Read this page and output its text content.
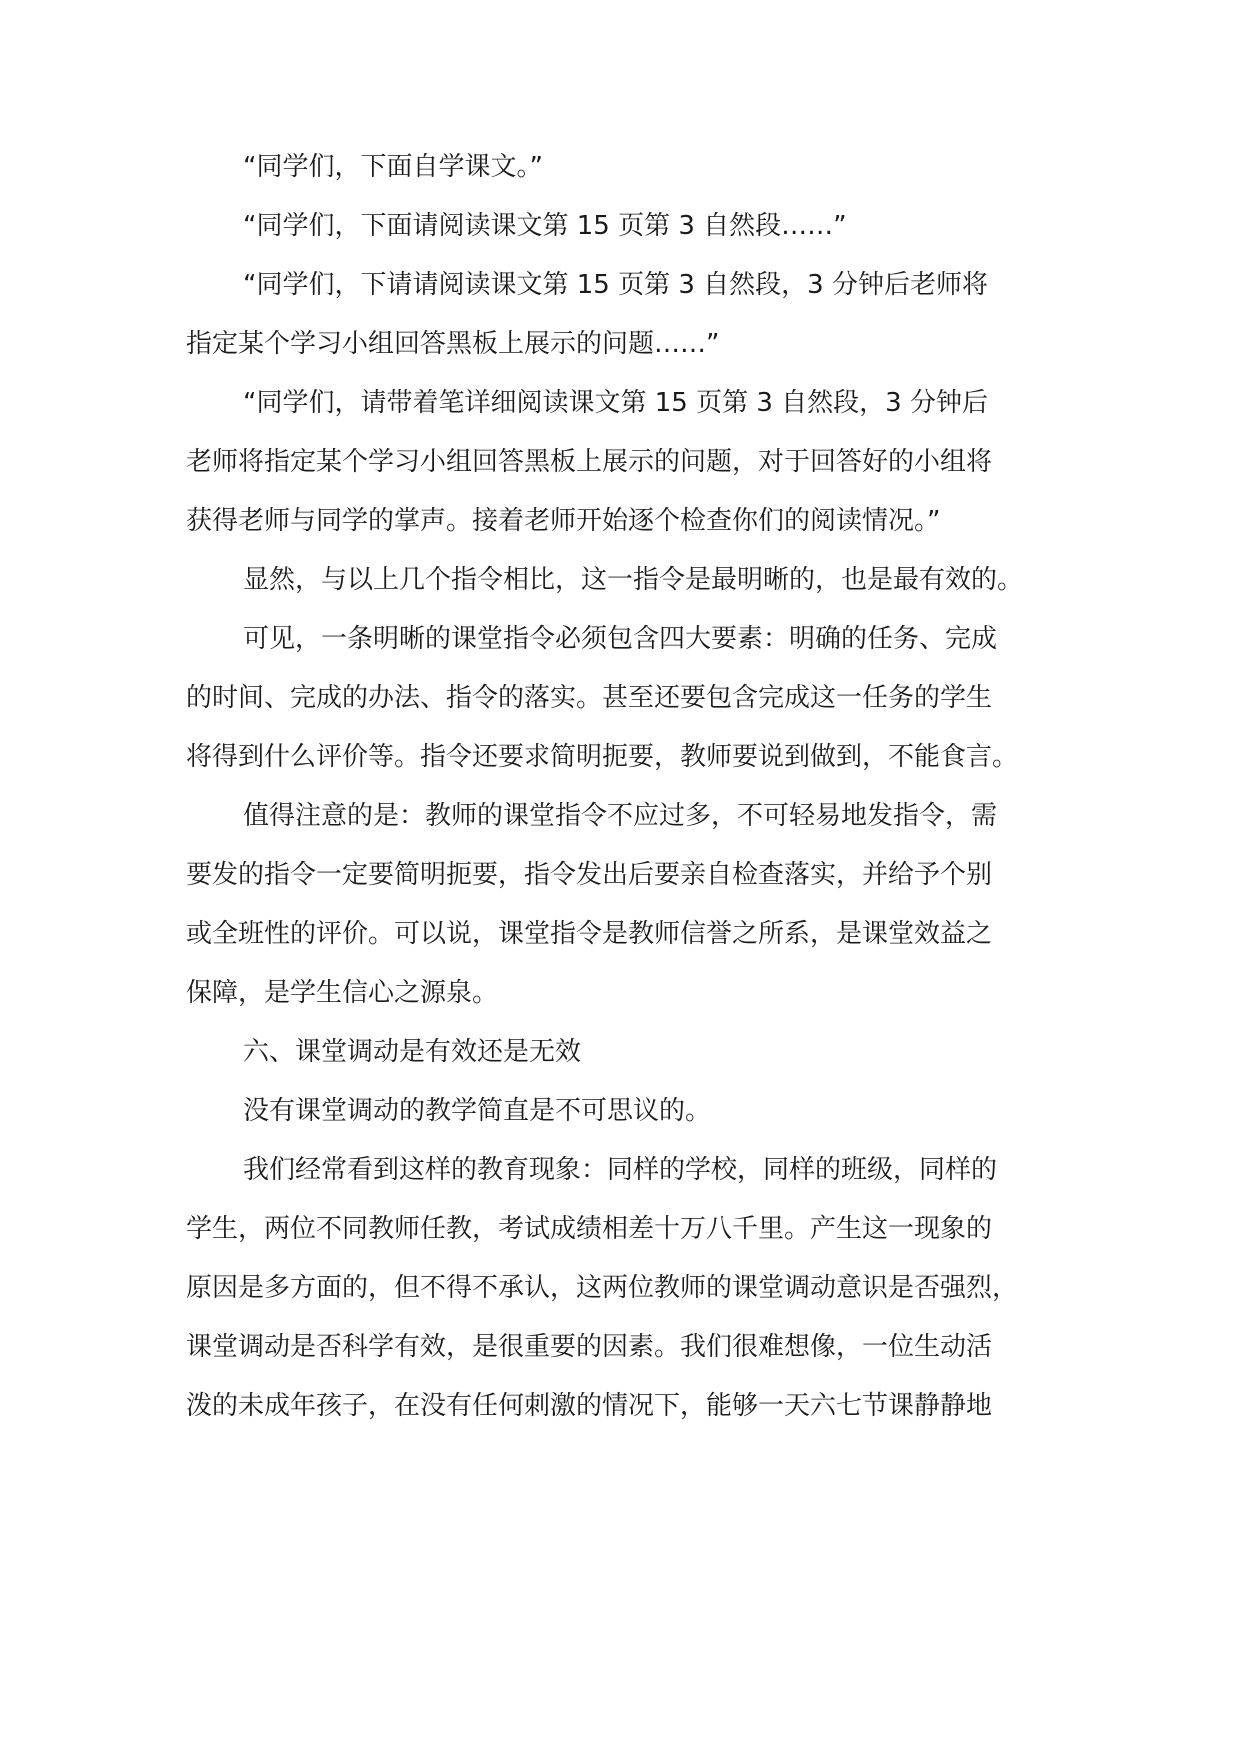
“同学们，下面自学课文。”
“同学们，下面请阅读课文第 15 页第 3 自然段……”
“同学们，下请请阅读课文第 15 页第 3 自然段，3 分钟后老师将
指定某个学习小组回答黑板上展示的问题……”
“同学们，请带着笔详细阅读课文第 15 页第 3 自然段，3 分钟后
老师将指定某个学习小组回答黑板上展示的问题，对于回答好的小组将
获得老师与同学的掌声。接着老师开始逐个检查你们的阅读情况。”
显然，与以上几个指令相比，这一指令是最明晰的，也是最有效的。
可见，一条明晰的课堂指令必须包含四大要素：明确的任务、完成
的时间、完成的办法、指令的落实。甚至还要包含完成这一任务的学生
将得到什么评价等。指令还要求简明扼要，教师要说到做到，不能食言。
值得注意的是：教师的课堂指令不应过多，不可轻易地发指令，需
要发的指令一定要简明扼要，指令发出后要亲自检查落实，并给予个别
或全班性的评价。可以说，课堂指令是教师信誉之所系，是课堂效益之
保障，是学生信心之源泉。
六、课堂调动是有效还是无效
没有课堂调动的教学简直是不可思议的。
我们经常看到这样的教育现象：同样的学校，同样的班级，同样的
学生，两位不同教师任教，考试成绩相差十万八千里。产生这一现象的
原因是多方面的，但不得不承认，这两位教师的课堂调动意识是否强烈，
课堂调动是否科学有效，是很重要的因素。我们很难想像，一位生动活
泼的未成年孩子，在没有任何刺激的情况下，能够一天六七节课静静地
